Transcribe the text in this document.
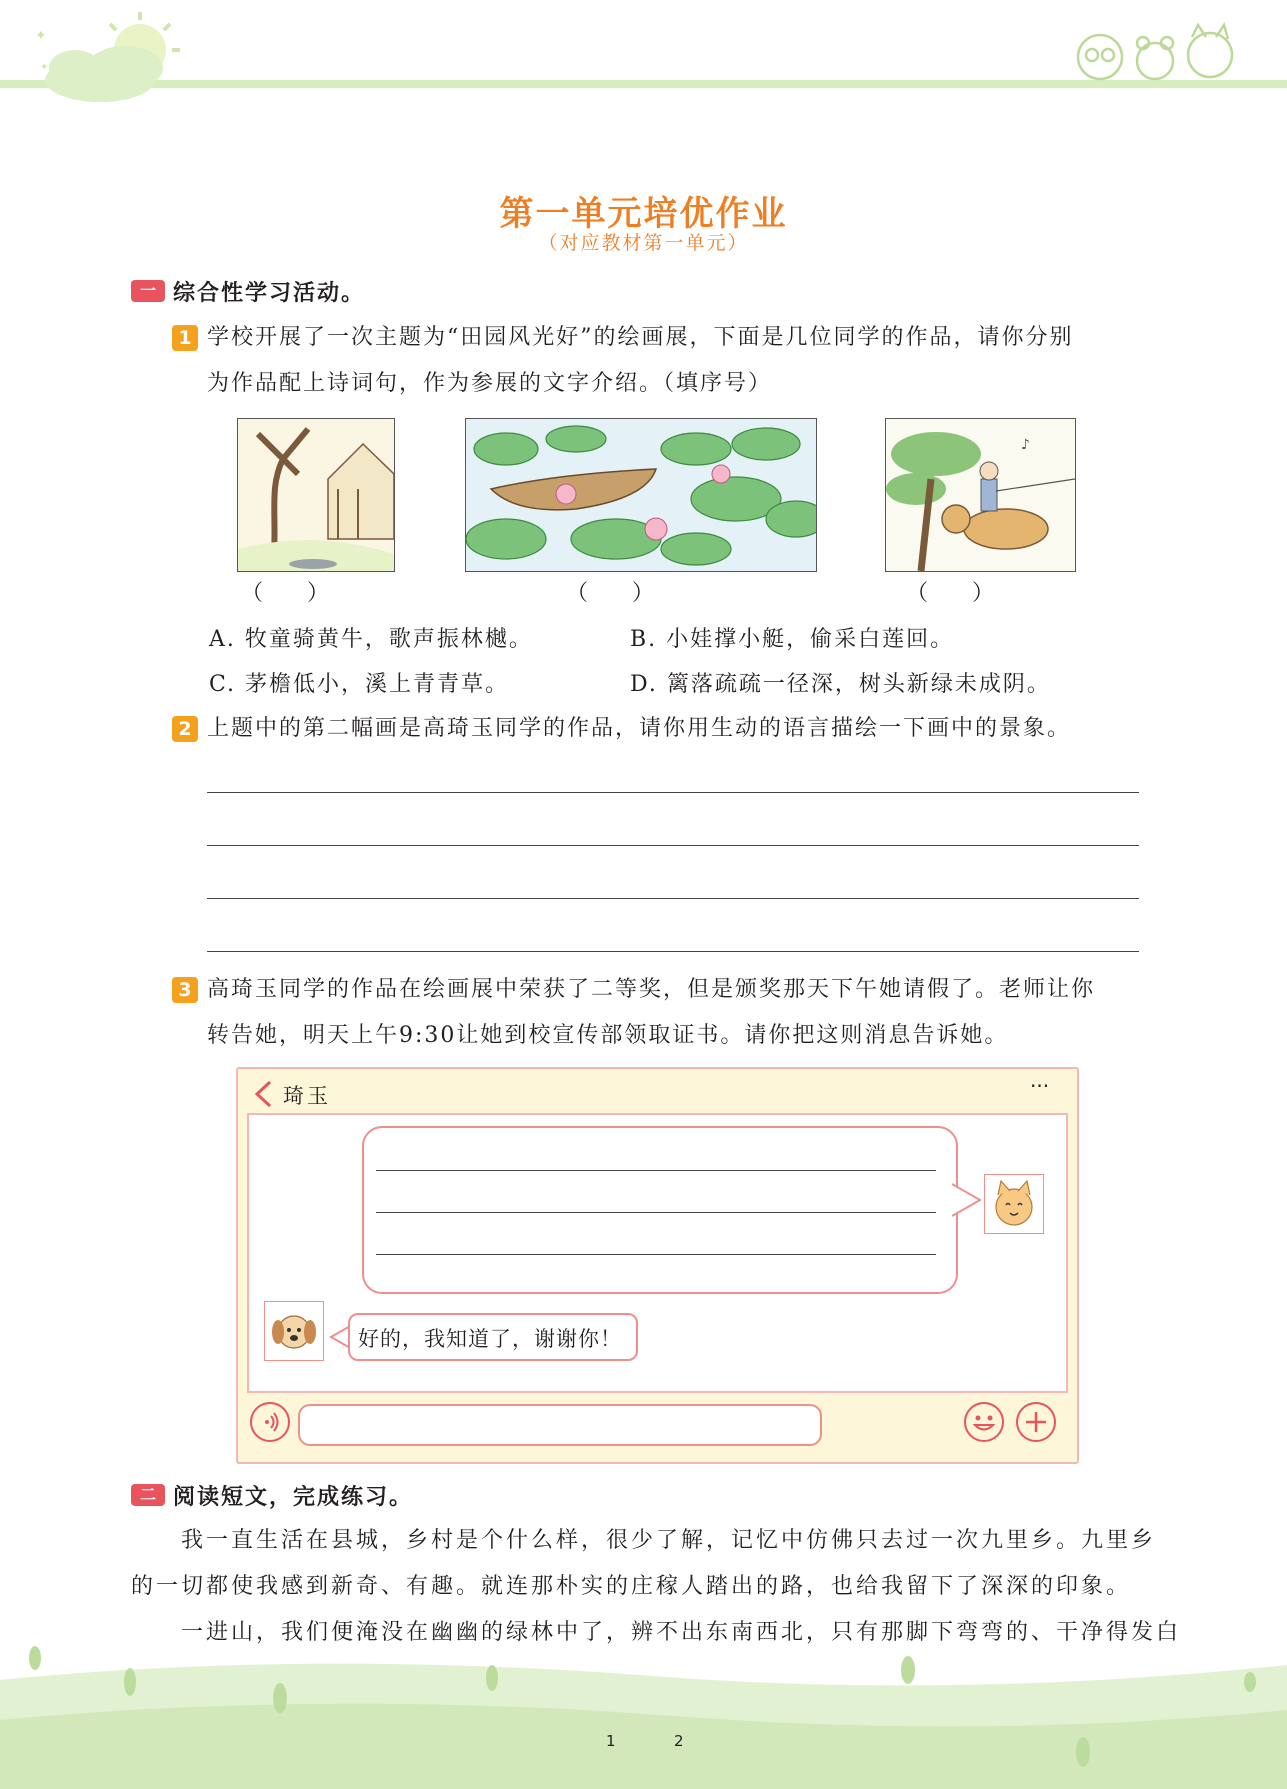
✦
✦
第一单元培优作业
（对应教材第一单元）
一 综合性学习活动。
1 学校开展了一次主题为“田园风光好”的绘画展，下面是几位同学的作品，请你分别
为作品配上诗词句，作为参展的文字介绍。（填序号）
♪
（　　）	（　　）	（　　）
A. 牧童骑黄牛，歌声振林樾。	B. 小娃撑小艇，偷采白莲回。
C. 茅檐低小，溪上青青草。	D. 篱落疏疏一径深，树头新绿未成阴。
2 上题中的第二幅画是高琦玉同学的作品，请你用生动的语言描绘一下画中的景象。
3 高琦玉同学的作品在绘画展中荣获了二等奖，但是颁奖那天下午她请假了。老师让你
转告她，明天上午9:30让她到校宣传部领取证书。请你把这则消息告诉她。
琦玉	···
好的，我知道了，谢谢你！
二 阅读短文，完成练习。
我一直生活在县城，乡村是个什么样，很少了解，记忆中仿佛只去过一次九里乡。九里乡
的一切都使我感到新奇、有趣。就连那朴实的庄稼人踏出的路，也给我留下了深深的印象。
一进山，我们便淹没在幽幽的绿林中了，辨不出东南西北，只有那脚下弯弯的、干净得发白
1	2
